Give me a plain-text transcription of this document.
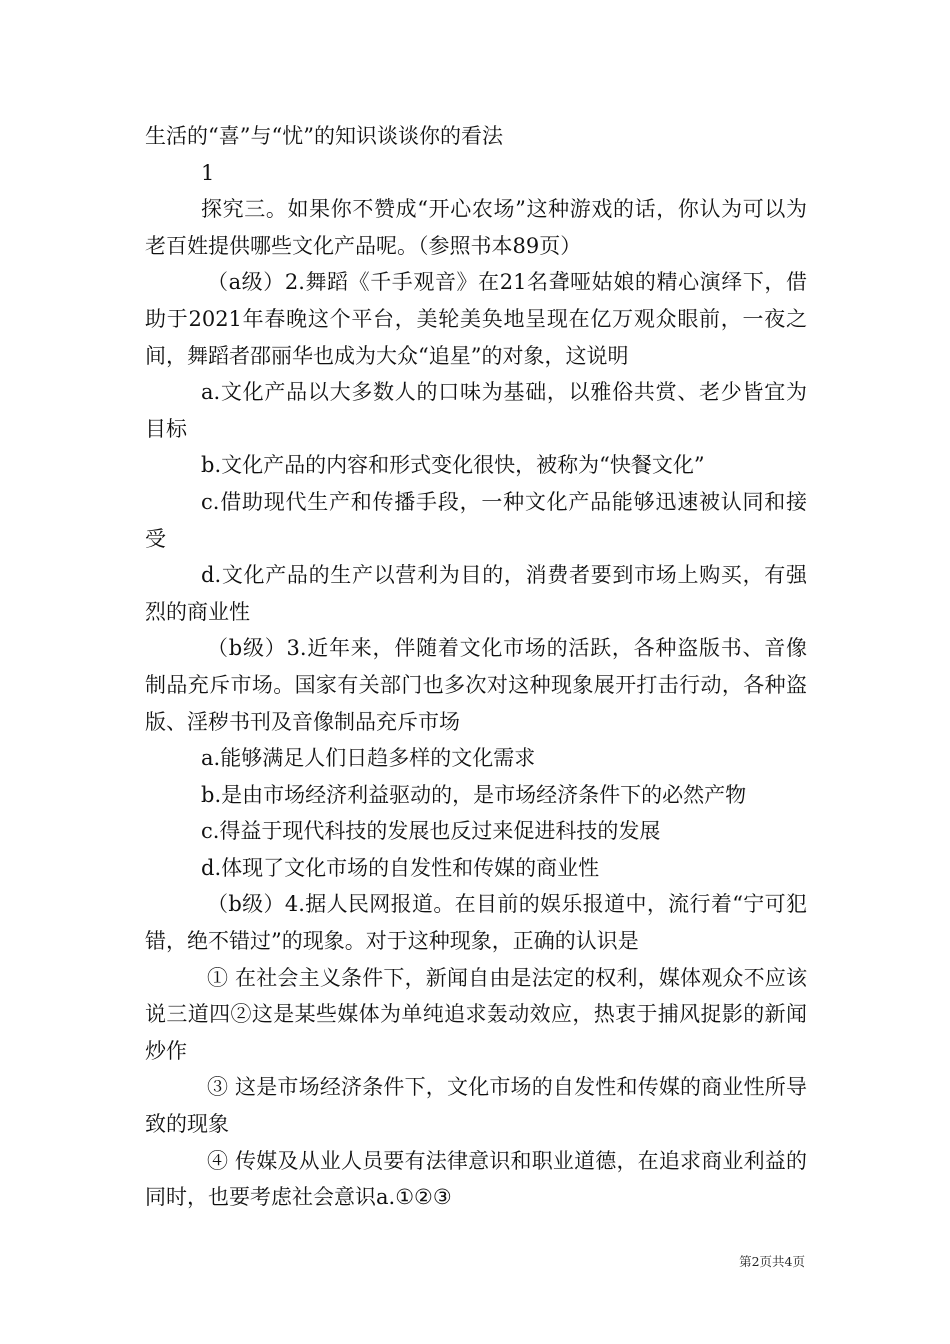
生活的“喜”与“忧”的知识谈谈你的看法

1

探究三。如果你不赞成“开心农场”这种游戏的话，你认为可以为老百姓提供哪些文化产品呢。（参照书本89页）

（a级）2.舞蹈《千手观音》在21名聋哑姑娘的精心演绎下，借助于2021年春晚这个平台，美轮美奂地呈现在亿万观众眼前，一夜之间，舞蹈者邵丽华也成为大众“追星”的对象，这说明

a.文化产品以大多数人的口味为基础，以雅俗共赏、老少皆宜为目标

b.文化产品的内容和形式变化很快，被称为“快餐文化”

c.借助现代生产和传播手段，一种文化产品能够迅速被认同和接受

d.文化产品的生产以营利为目的，消费者要到市场上购买，有强烈的商业性

（b级）3.近年来，伴随着文化市场的活跃，各种盗版书、音像制品充斥市场。国家有关部门也多次对这种现象展开打击行动，各种盗版、淫秽书刊及音像制品充斥市场

a.能够满足人们日趋多样的文化需求

b.是由市场经济利益驱动的，是市场经济条件下的必然产物

c.得益于现代科技的发展也反过来促进科技的发展

d.体现了文化市场的自发性和传媒的商业性

（b级）4.据人民网报道。在目前的娱乐报道中，流行着“宁可犯错，绝不错过”的现象。对于这种现象，正确的认识是

① 在社会主义条件下，新闻自由是法定的权利，媒体观众不应该说三道四②这是某些媒体为单纯追求轰动效应，热衷于捕风捉影的新闻炒作

③ 这是市场经济条件下，文化市场的自发性和传媒的商业性所导致的现象

④ 传媒及从业人员要有法律意识和职业道德，在追求商业利益的同时，也要考虑社会意识a.①②③

第2页共4页
